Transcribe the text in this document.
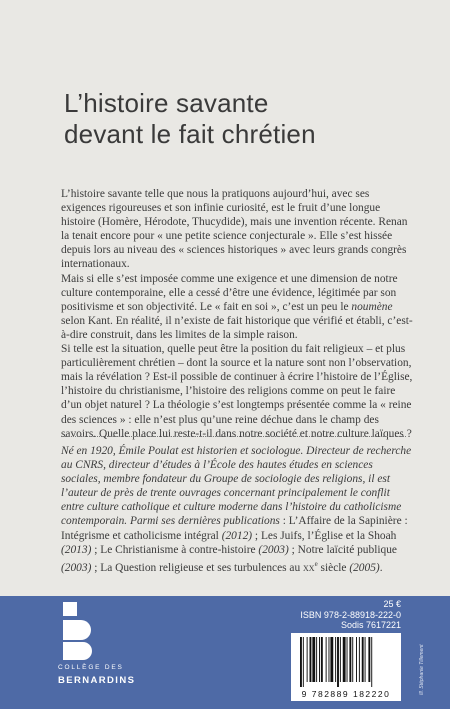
L’histoire savante
devant le fait chrétien

L’histoire savante telle que nous la pratiquons aujourd’hui, avec ses exigences rigoureuses et son infinie curiosité, est le fruit d’une longue histoire (Homère, Hérodote, Thucydide), mais une invention récente. Renan la tenait encore pour « une petite science conjecturale ». Elle s’est hissée depuis lors au niveau des « sciences historiques » avec leurs grands congrès internationaux.

Mais si elle s’est imposée comme une exigence et une dimension de notre culture contemporaine, elle a cessé d’être une évidence, légitimée par son positivisme et son objectivité. Le « fait en soi », c’est un peu le noumène selon Kant. En réalité, il n’existe de fait historique que vérifié et établi, c’est-à-dire construit, dans les limites de la simple raison.

Si telle est la situation, quelle peut être la position du fait religieux – et plus particulièrement chrétien – dont la source et la nature sont non l’observation, mais la révélation ? Est-il possible de continuer à écrire l’histoire de l’Église, l’histoire du christianisme, l’histoire des religions comme on peut le faire d’un objet naturel ? La théologie s’est longtemps présentée comme la « reine des sciences » : elle n’est plus qu’une reine déchue dans le champ des savoirs. Quelle place lui reste-t-il dans notre société et notre culture laïques ?

Né en 1920, Émile Poulat est historien et sociologue. Directeur de recherche au CNRS, directeur d’études à l’École des hautes études en sciences sociales, membre fondateur du Groupe de sociologie des religions, il est l’auteur de près de trente ouvrages concernant principalement le conflit entre culture catholique et culture moderne dans l’histoire du catholicisme contemporain. Parmi ses dernières publications : L’Affaire de la Sapinière : Intégrisme et catholicisme intégral (2012) ; Les Juifs, l’Église et la Shoah (2013) ; Le Christianisme à contre-histoire (2003) ; Notre laïcité publique (2003) ; La Question religieuse et ses turbulences au $xx^e$ siècle (2005).

COLLÈGE DES
BERNARDINS
25 €
ISBN 978-2-88918-222-0
Sodis 7617221
9 782889 182220	Ill. Stéphanie Tillement
